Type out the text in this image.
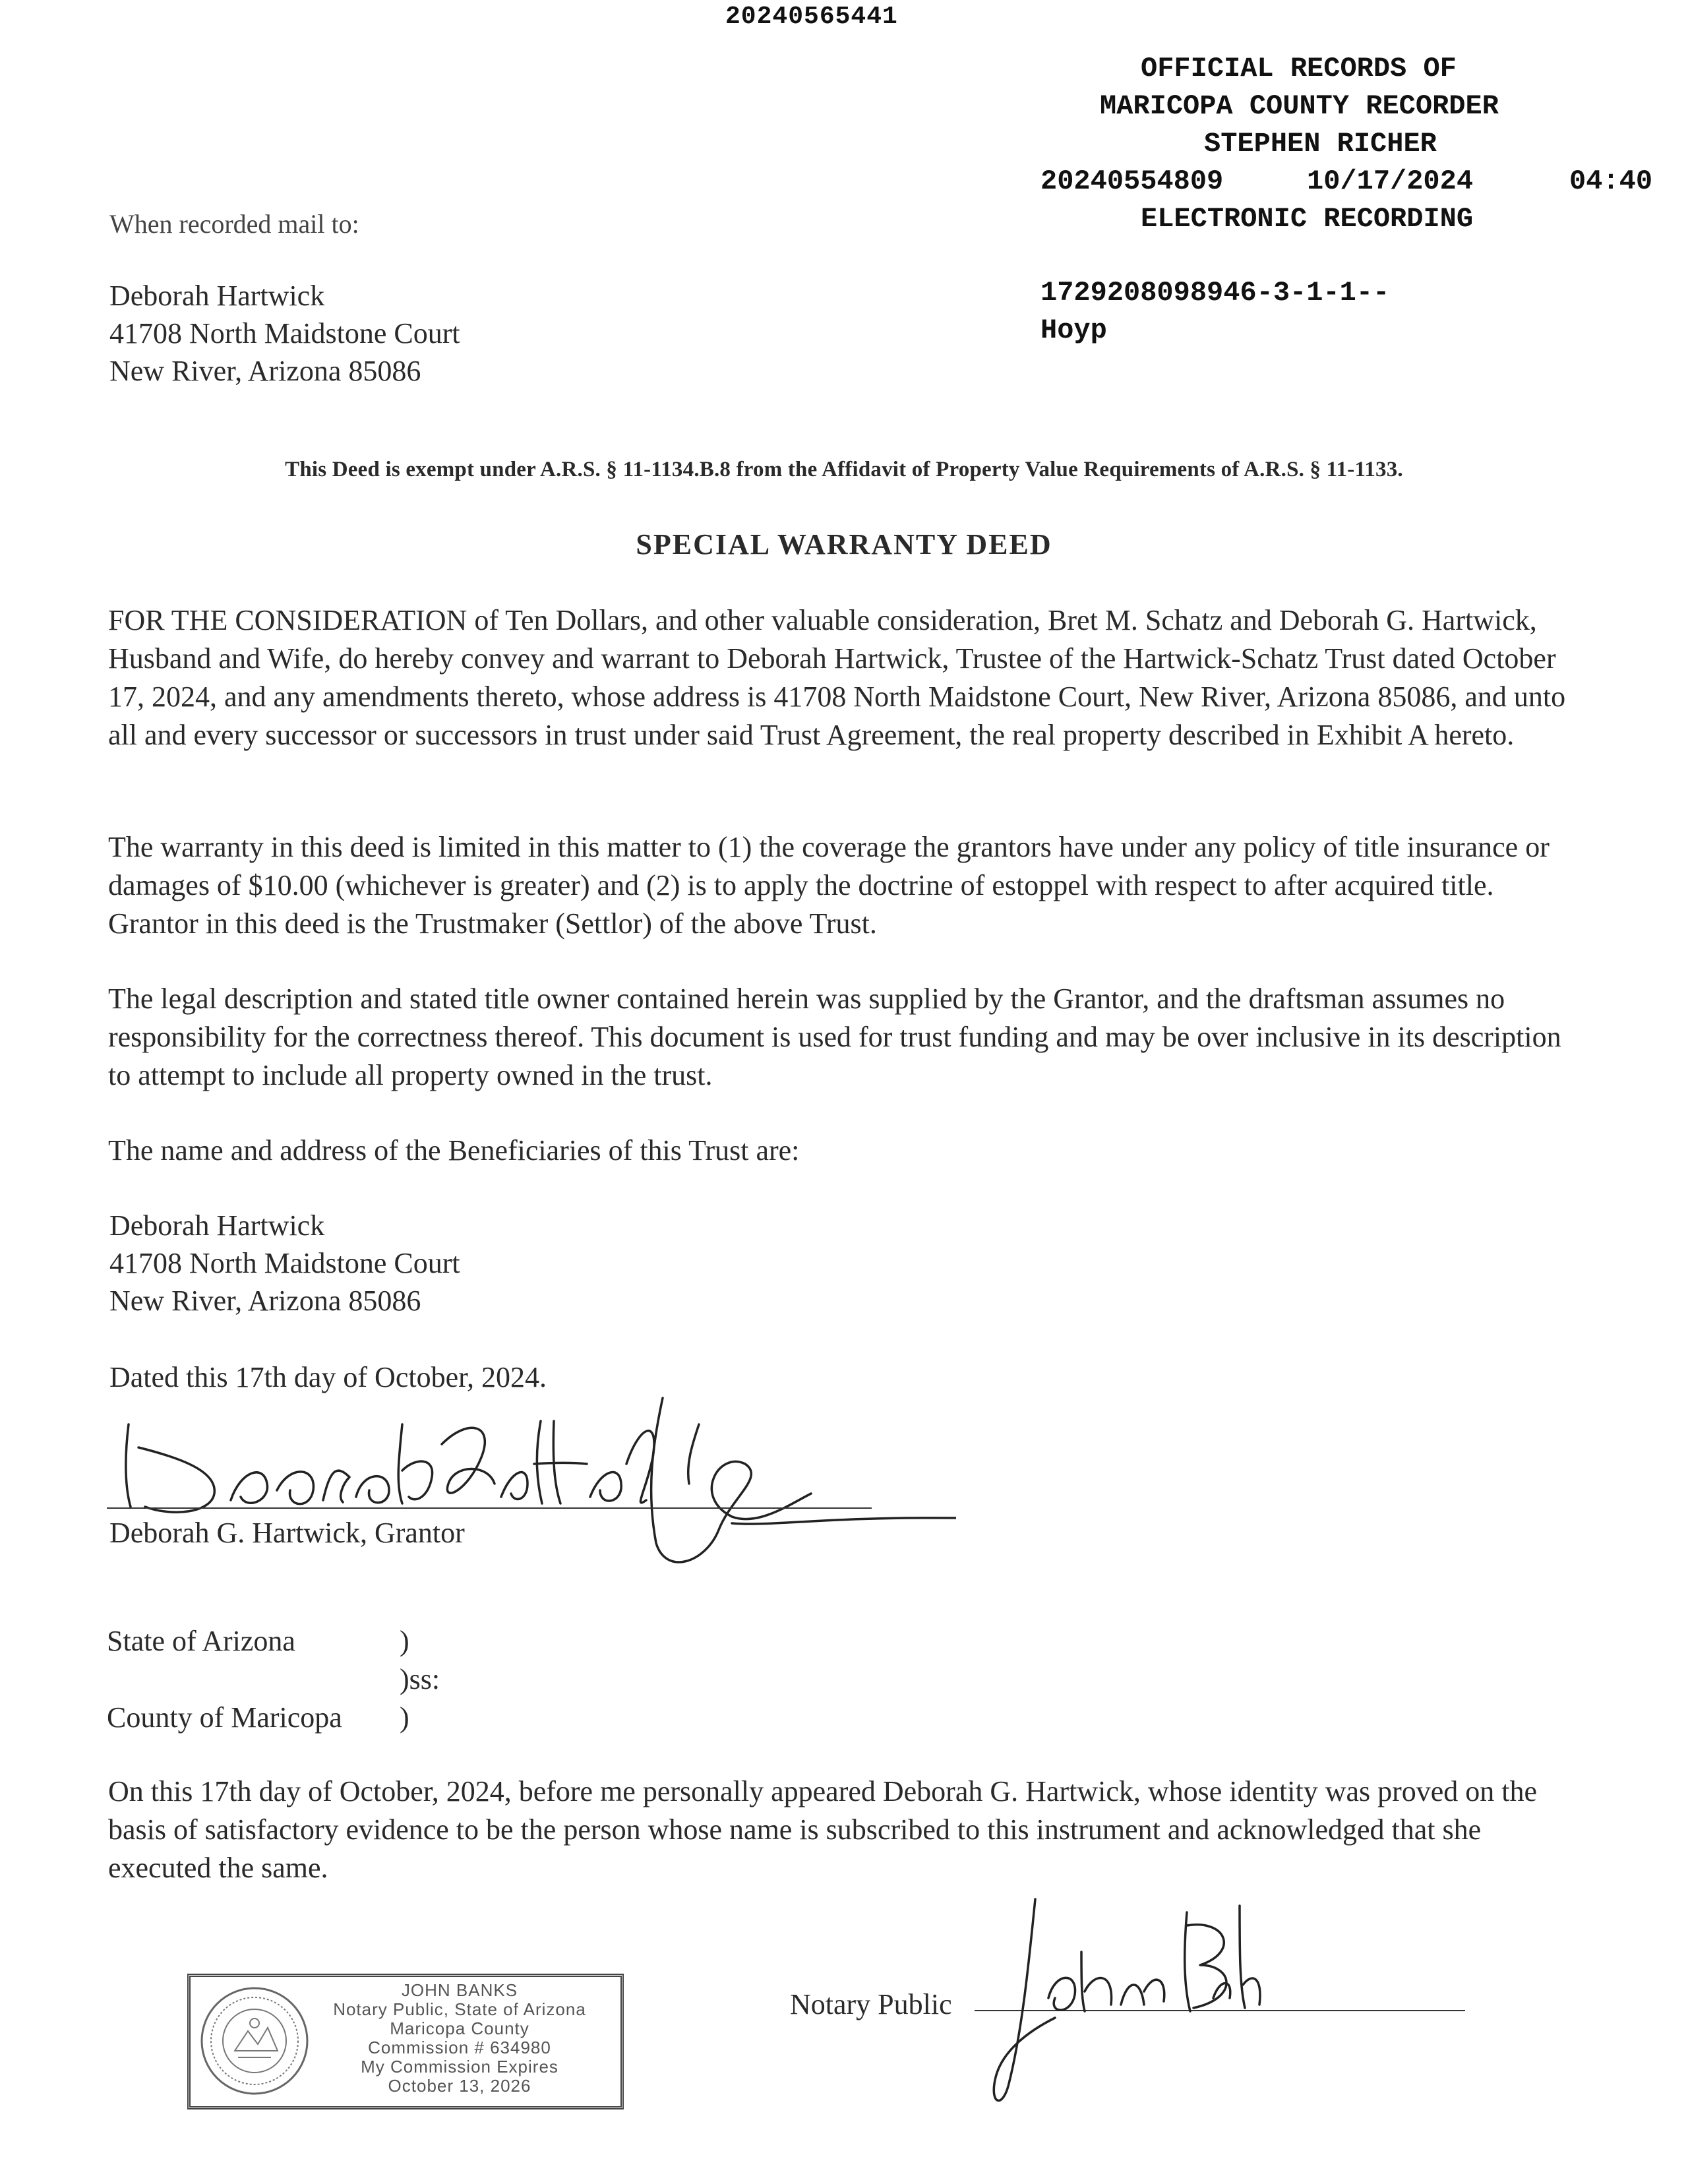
20240565441
OFFICIAL RECORDS OF
MARICOPA COUNTY RECORDER
STEPHEN RICHER
20240554809	10/17/2024	04:40
ELECTRONIC RECORDING
1729208098946-3-1-1--
Hoyp
When recorded mail to:
Deborah Hartwick
41708 North Maidstone Court
New River, Arizona 85086
This Deed is exempt under A.R.S. § 11-1134.B.8 from the Affidavit of Property Value Requirements of A.R.S. § 11-1133.
SPECIAL WARRANTY DEED
FOR THE CONSIDERATION of Ten Dollars, and other valuable consideration, Bret M. Schatz and Deborah G. Hartwick, Husband and Wife, do hereby convey and warrant to Deborah Hartwick, Trustee of the Hartwick-Schatz Trust dated October 17, 2024, and any amendments thereto, whose address is 41708 North Maidstone Court, New River, Arizona 85086, and unto all and every successor or successors in trust under said Trust Agreement, the real property described in Exhibit A hereto.
The warranty in this deed is limited in this matter to (1) the coverage the grantors have under any policy of title insurance or damages of $10.00 (whichever is greater) and (2) is to apply the doctrine of estoppel with respect to after acquired title. Grantor in this deed is the Trustmaker (Settlor) of the above Trust.
The legal description and stated title owner contained herein was supplied by the Grantor, and the draftsman assumes no responsibility for the correctness thereof. This document is used for trust funding and may be over inclusive in its description to attempt to include all property owned in the trust.
The name and address of the Beneficiaries of this Trust are:
Deborah Hartwick
41708 North Maidstone Court
New River, Arizona 85086
Dated this 17th day of October, 2024.
Deborah G. Hartwick, Grantor
State of Arizona	)
)ss:
County of Maricopa )
On this 17th day of October, 2024, before me personally appeared Deborah G. Hartwick, whose identity was proved on the basis of satisfactory evidence to be the person whose name is subscribed to this instrument and acknowledged that she executed the same.
JOHN BANKS
Notary Public, State of Arizona
Maricopa County
Commission # 634980
My Commission Expires
October 13, 2026
Notary Public
